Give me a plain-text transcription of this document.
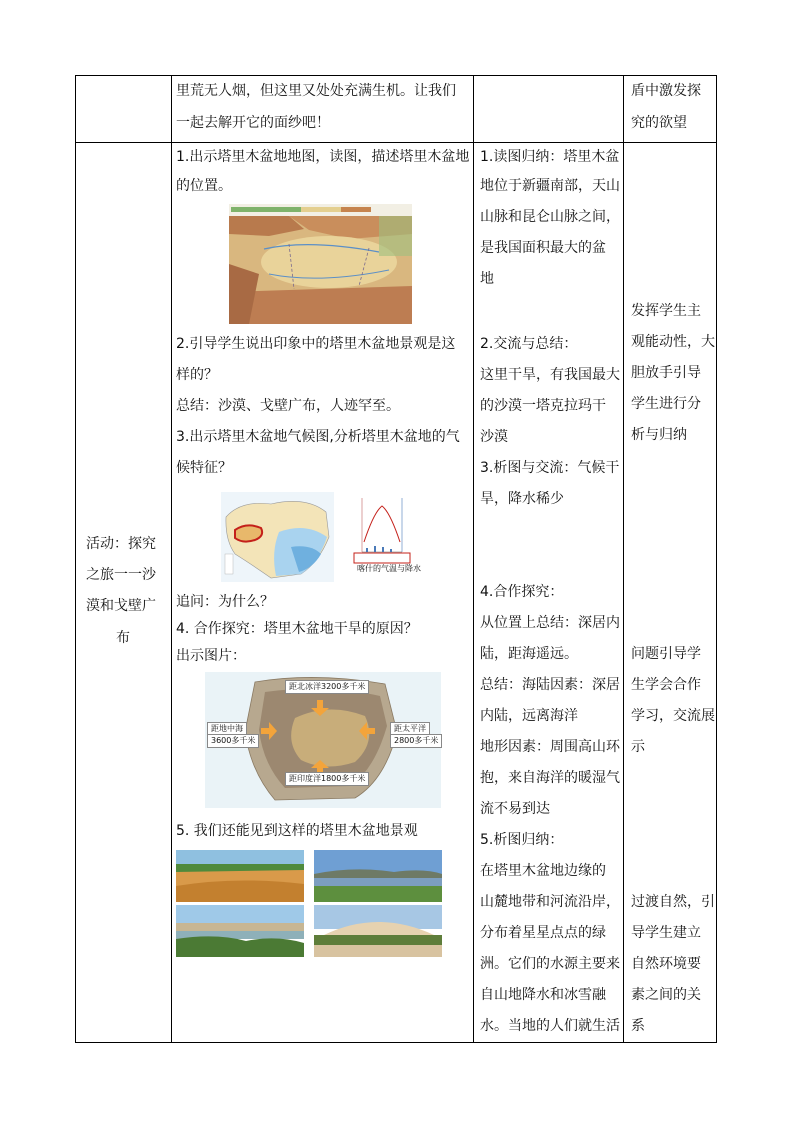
里荒无人烟，但这里又处处充满生机。让我们
一起去解开它的面纱吧！
盾中激发探
究的欲望
活动：探究
之旅一一沙
漠和戈壁广
布
1.出示塔里木盆地地图，读图，描述塔里木盆地
的位置。
2.引导学生说出印象中的塔里木盆地景观是这
样的？
总结：沙漠、戈壁广布，人迹罕至。
3.出示塔里木盆地气候图,分析塔里木盆地的气
候特征？
喀什的气温与降水
追问：为什么？
4. 合作探究：塔里木盆地干旱的原因？
出示图片：
距北冰洋3200多千米
距地中海
3600多千米
距太平洋
2800多千米
距印度洋1800多千米
5. 我们还能见到这样的塔里木盆地景观
1.读图归纳：塔里木盆
地位于新疆南部，天山
山脉和昆仑山脉之间，
是我国面积最大的盆
地
2.交流与总结：
这里干旱，有我国最大
的沙漠一塔克拉玛干
沙漠
3.析图与交流：气候干
旱，降水稀少
4.合作探究：
从位置上总结：深居内
陆，距海遥远。
总结：海陆因素：深居
内陆，远离海洋
地形因素：周围高山环
抱，来自海洋的暖湿气
流不易到达
5.析图归纳：
在塔里木盆地边缘的
山麓地带和河流沿岸，
分布着星星点点的绿
洲。它们的水源主要来
自山地降水和冰雪融
水。当地的人们就生活
发挥学生主
观能动性，大
胆放手引导
学生进行分
析与归纳
问题引导学
生学会合作
学习，交流展
示
过渡自然，引
导学生建立
自然环境要
素之间的关
系
